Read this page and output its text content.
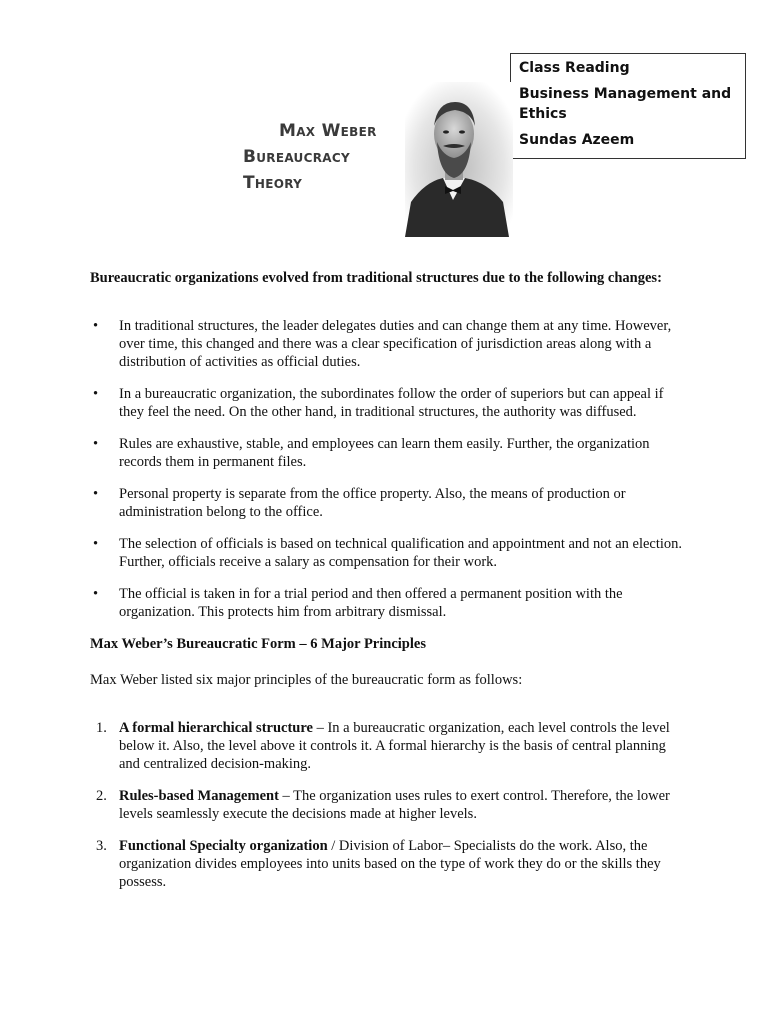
Class Reading
Business Management and Ethics
Sundas Azeem
Max Weber
Bureaucracy Theory
Bureaucratic organizations evolved from traditional structures due to the following changes:
• In traditional structures, the leader delegates duties and can change them at any time. However, over time, this changed and there was a clear specification of jurisdiction areas along with a distribution of activities as official duties.
• In a bureaucratic organization, the subordinates follow the order of superiors but can appeal if they feel the need. On the other hand, in traditional structures, the authority was diffused.
• Rules are exhaustive, stable, and employees can learn them easily. Further, the organization records them in permanent files.
• Personal property is separate from the office property. Also, the means of production or administration belong to the office.
• The selection of officials is based on technical qualification and appointment and not an election. Further, officials receive a salary as compensation for their work.
• The official is taken in for a trial period and then offered a permanent position with the organization. This protects him from arbitrary dismissal.
Max Weber’s Bureaucratic Form – 6 Major Principles
Max Weber listed six major principles of the bureaucratic form as follows:
1. A formal hierarchical structure – In a bureaucratic organization, each level controls the level below it. Also, the level above it controls it. A formal hierarchy is the basis of central planning and centralized decision-making.
2. Rules-based Management – The organization uses rules to exert control. Therefore, the lower levels seamlessly execute the decisions made at higher levels.
3. Functional Specialty organization / Division of Labor– Specialists do the work. Also, the organization divides employees into units based on the type of work they do or the skills they possess.
